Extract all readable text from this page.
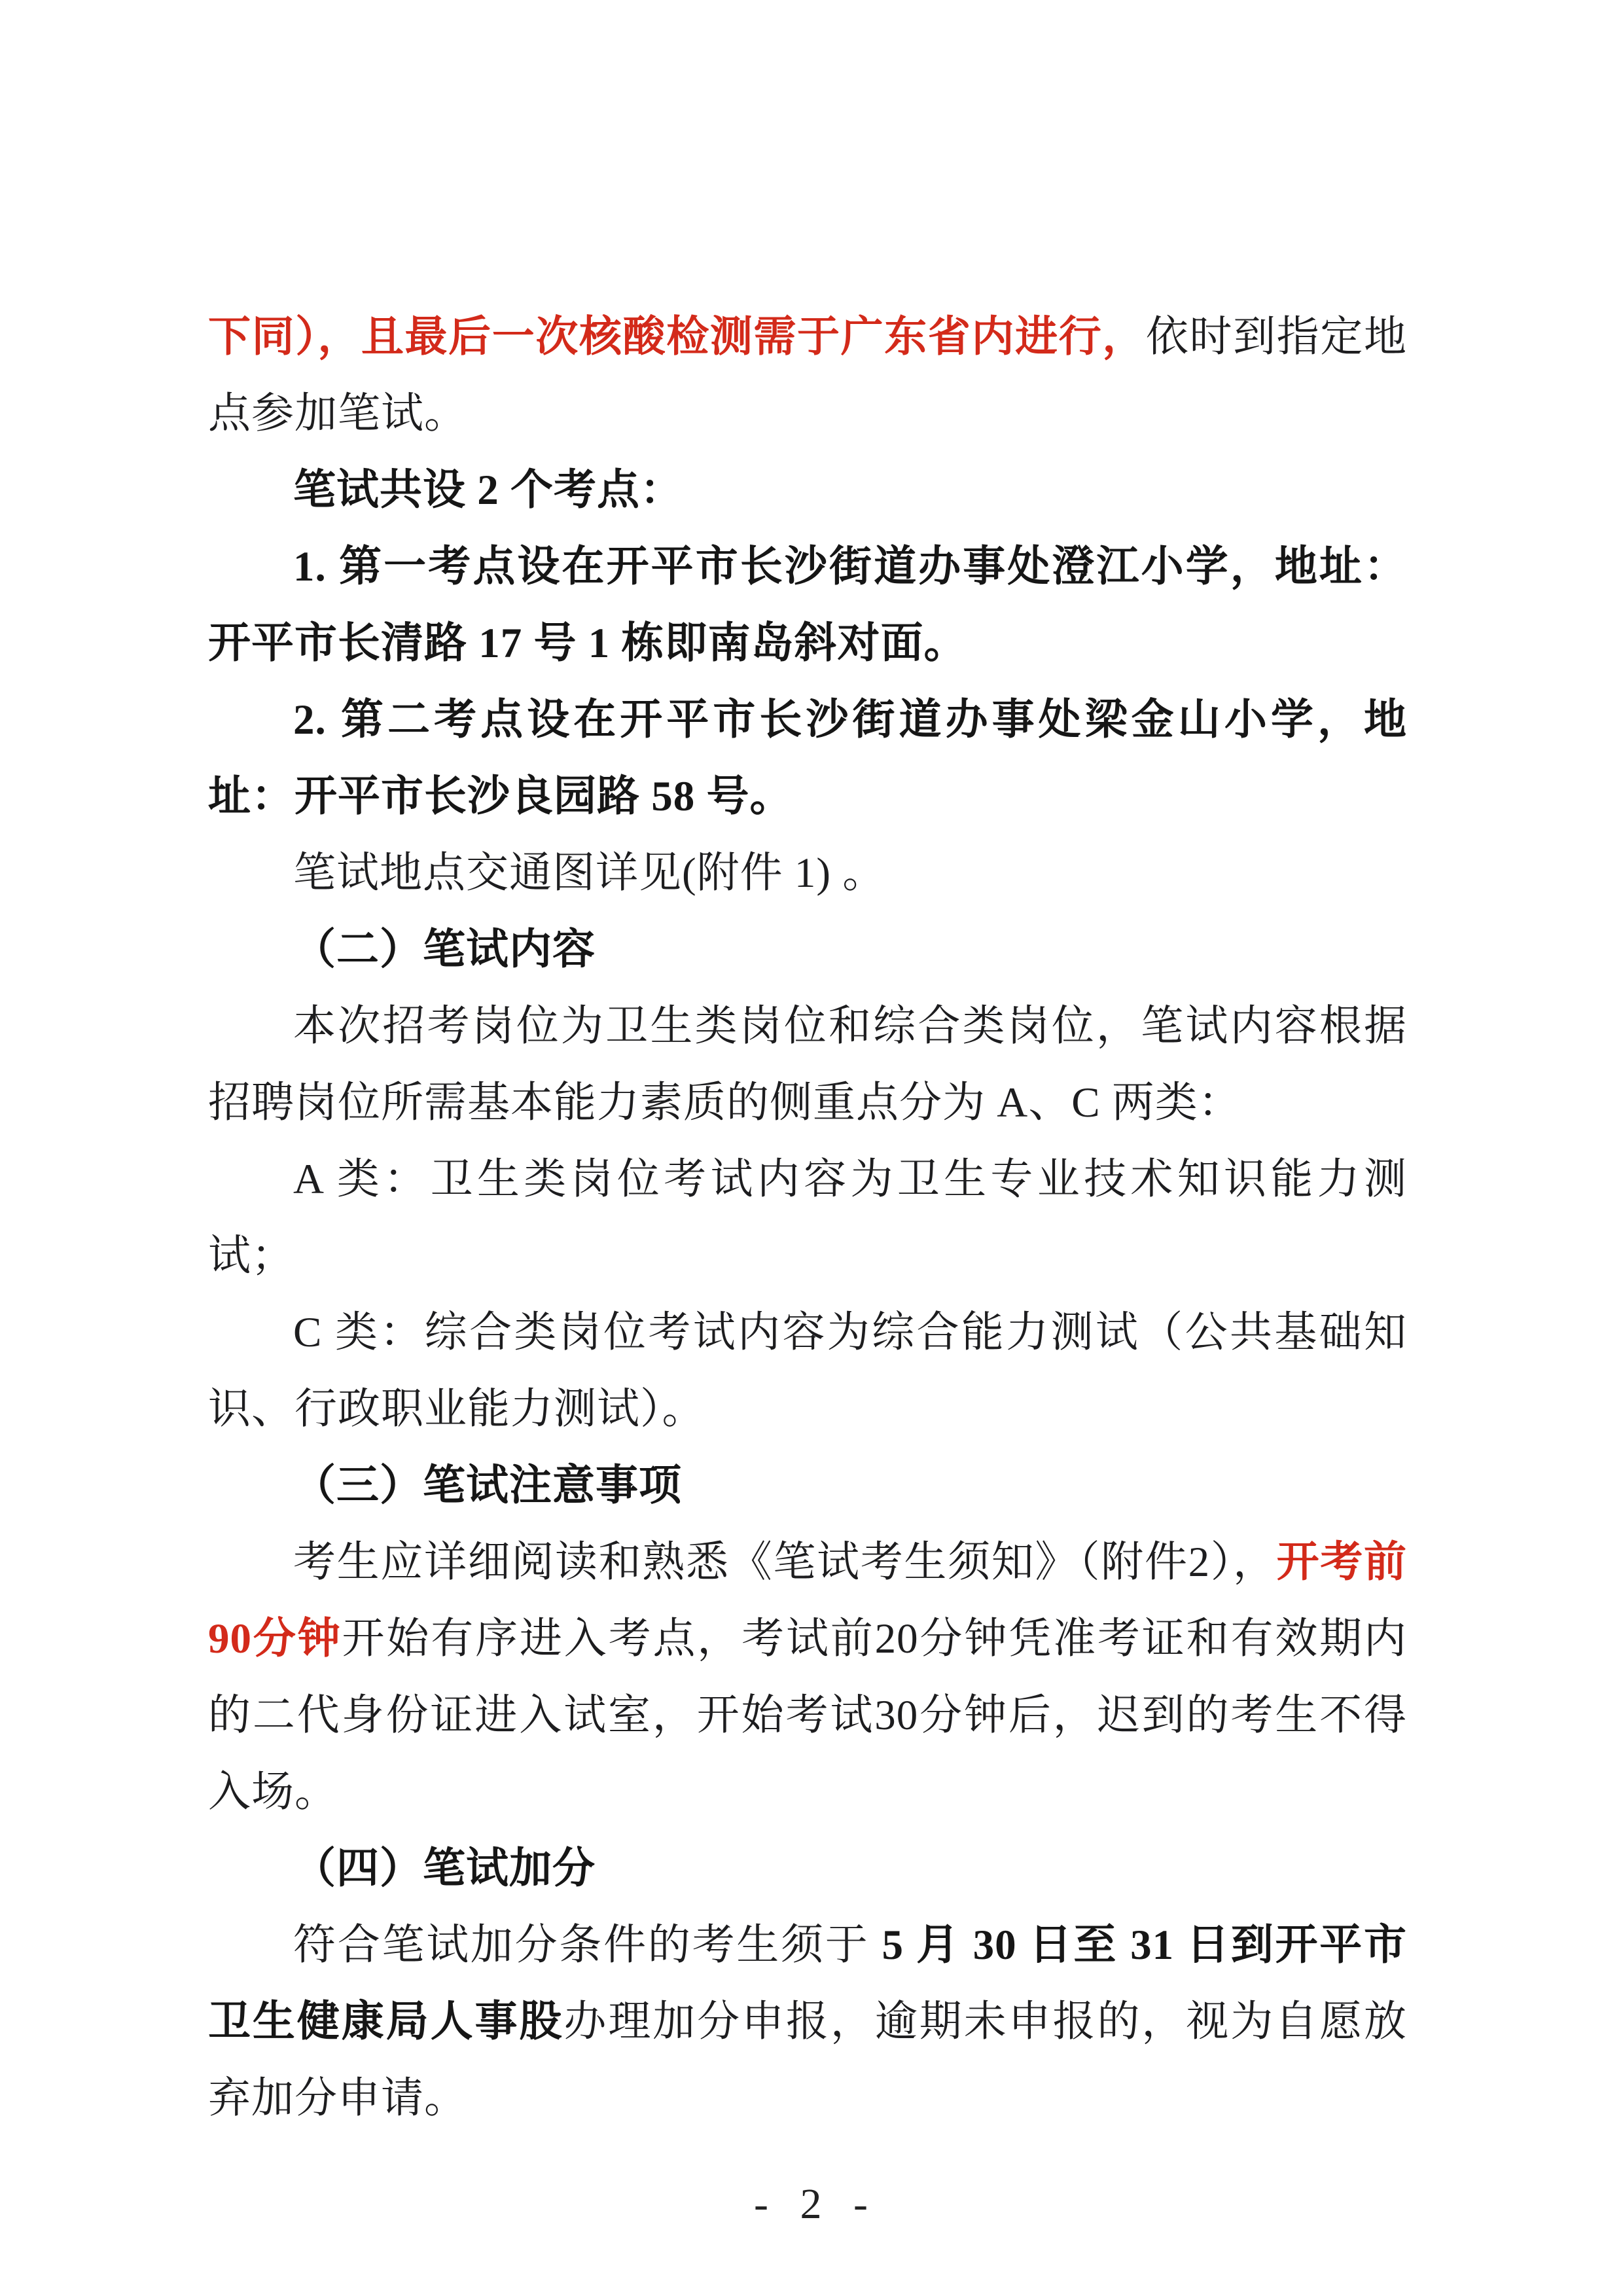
下同），且最后一次核酸检测需于广东省内进行，依时到指定地点参加笔试。

笔试共设 2 个考点：

1. 第一考点设在开平市长沙街道办事处澄江小学，地址：开平市长清路 17 号 1 栋即南岛斜对面。

2. 第二考点设在开平市长沙街道办事处梁金山小学，地址：开平市长沙良园路 58 号。

笔试地点交通图详见(附件 1) 。

（二）笔试内容

本次招考岗位为卫生类岗位和综合类岗位，笔试内容根据招聘岗位所需基本能力素质的侧重点分为 A、C 两类：

A 类：卫生类岗位考试内容为卫生专业技术知识能力测试；

C 类：综合类岗位考试内容为综合能力测试（公共基础知识、行政职业能力测试）。

（三）笔试注意事项

考生应详细阅读和熟悉《笔试考生须知》（附件2），开考前90分钟开始有序进入考点，考试前20分钟凭准考证和有效期内的二代身份证进入试室，开始考试30分钟后，迟到的考生不得入场。

（四）笔试加分

符合笔试加分条件的考生须于 5 月 30 日至 31 日到开平市卫生健康局人事股办理加分申报，逾期未申报的，视为自愿放弃加分申请。

- 2 -
